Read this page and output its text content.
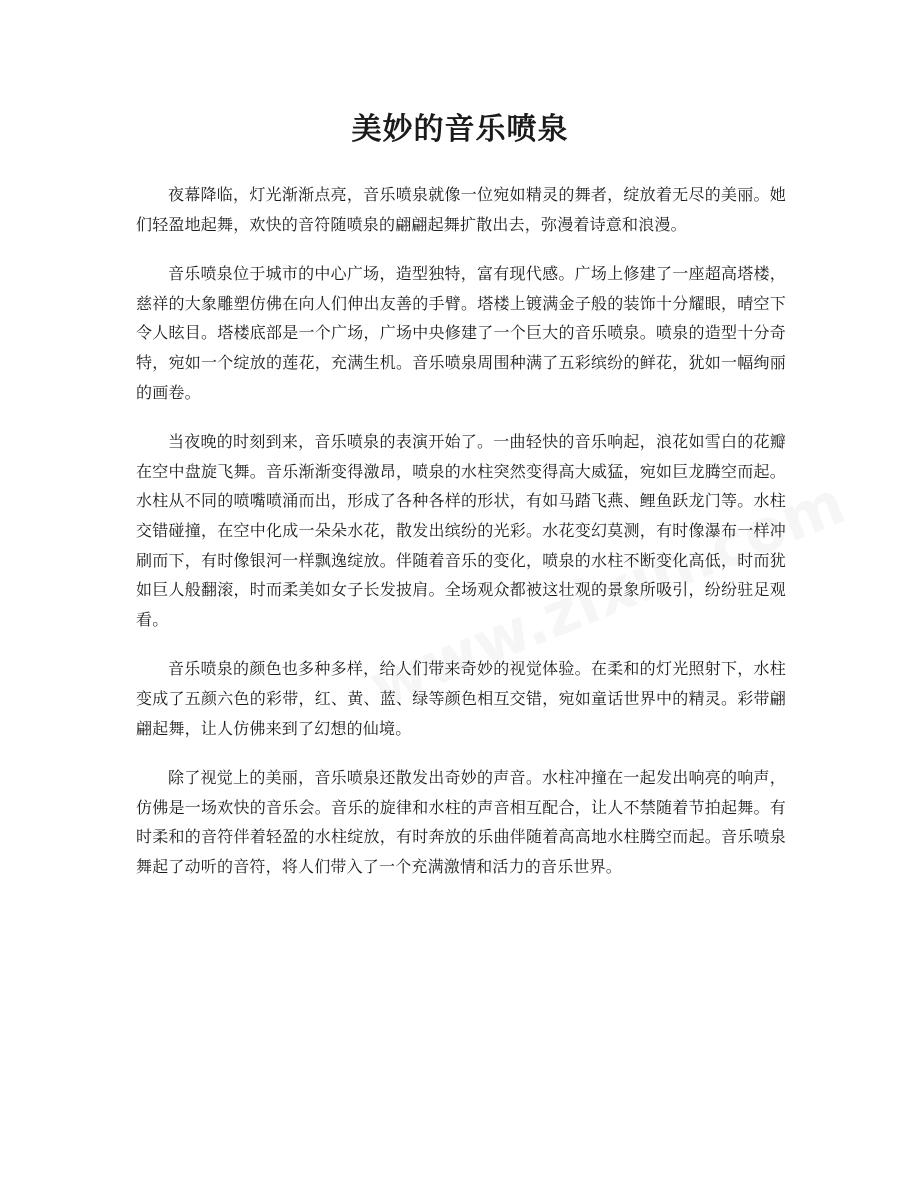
美妙的音乐喷泉

夜幕降临，灯光渐渐点亮，音乐喷泉就像一位宛如精灵的舞者，绽放着无尽的美丽。她们轻盈地起舞，欢快的音符随喷泉的翩翩起舞扩散出去，弥漫着诗意和浪漫。

音乐喷泉位于城市的中心广场，造型独特，富有现代感。广场上修建了一座超高塔楼，慈祥的大象雕塑仿佛在向人们伸出友善的手臂。塔楼上镀满金子般的装饰十分耀眼，晴空下令人眩目。塔楼底部是一个广场，广场中央修建了一个巨大的音乐喷泉。喷泉的造型十分奇特，宛如一个绽放的莲花，充满生机。音乐喷泉周围种满了五彩缤纷的鲜花，犹如一幅绚丽的画卷。

当夜晚的时刻到来，音乐喷泉的表演开始了。一曲轻快的音乐响起，浪花如雪白的花瓣在空中盘旋飞舞。音乐渐渐变得激昂，喷泉的水柱突然变得高大威猛，宛如巨龙腾空而起。水柱从不同的喷嘴喷涌而出，形成了各种各样的形状，有如马踏飞燕、鲤鱼跃龙门等。水柱交错碰撞，在空中化成一朵朵水花，散发出缤纷的光彩。水花变幻莫测，有时像瀑布一样冲刷而下，有时像银河一样飘逸绽放。伴随着音乐的变化，喷泉的水柱不断变化高低，时而犹如巨人般翻滚，时而柔美如女子长发披肩。全场观众都被这壮观的景象所吸引，纷纷驻足观看。

音乐喷泉的颜色也多种多样，给人们带来奇妙的视觉体验。在柔和的灯光照射下，水柱变成了五颜六色的彩带，红、黄、蓝、绿等颜色相互交错，宛如童话世界中的精灵。彩带翩翩起舞，让人仿佛来到了幻想的仙境。

除了视觉上的美丽，音乐喷泉还散发出奇妙的声音。水柱冲撞在一起发出响亮的响声，仿佛是一场欢快的音乐会。音乐的旋律和水柱的声音相互配合，让人不禁随着节拍起舞。有时柔和的音符伴着轻盈的水柱绽放，有时奔放的乐曲伴随着高高地水柱腾空而起。音乐喷泉舞起了动听的音符，将人们带入了一个充满激情和活力的音乐世界。
